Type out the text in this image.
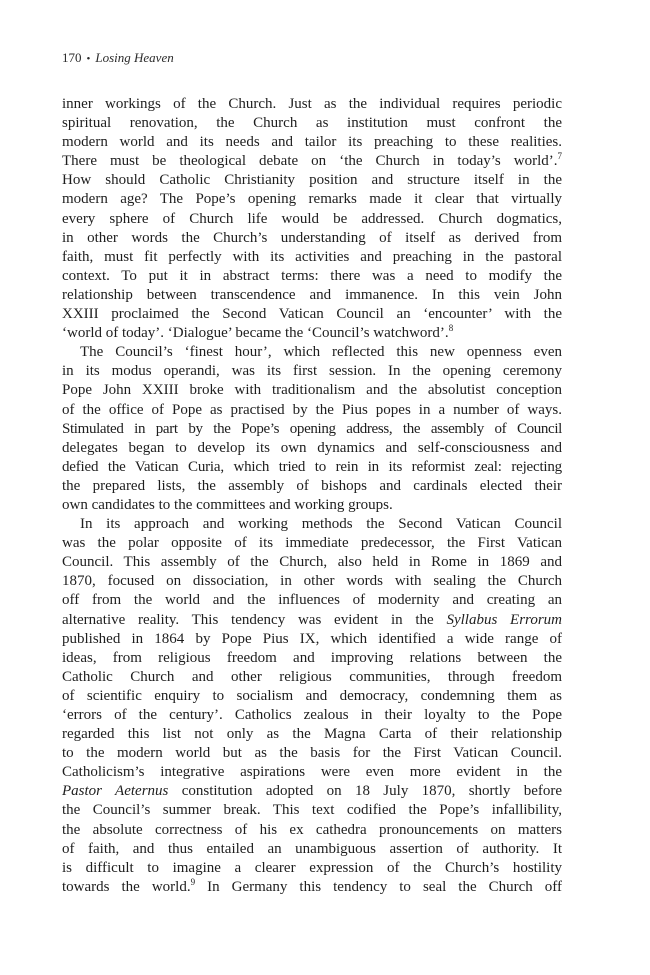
170 • Losing Heaven

inner workings of the Church. Just as the individual requires periodic
spiritual renovation, the Church as institution must confront the
modern world and its needs and tailor its preaching to these realities.
There must be theological debate on ‘the Church in today’s world’.$^7$
How should Catholic Christianity position and structure itself in the
modern age? The Pope’s opening remarks made it clear that virtually
every sphere of Church life would be addressed. Church dogmatics,
in other words the Church’s understanding of itself as derived from
faith, must fit perfectly with its activities and preaching in the pastoral
context. To put it in abstract terms: there was a need to modify the
relationship between transcendence and immanence. In this vein John
XXIII proclaimed the Second Vatican Council an ‘encounter’ with the
‘world of today’. ‘Dialogue’ became the ‘Council’s watchword’.$^8$

The Council’s ‘finest hour’, which reflected this new openness even
in its modus operandi, was its first session. In the opening ceremony
Pope John XXIII broke with traditionalism and the absolutist conception
of the office of Pope as practised by the Pius popes in a number of ways.
Stimulated in part by the Pope’s opening address, the assembly of Council
delegates began to develop its own dynamics and self-consciousness and
defied the Vatican Curia, which tried to rein in its reformist zeal: rejecting
the prepared lists, the assembly of bishops and cardinals elected their
own candidates to the committees and working groups.

In its approach and working methods the Second Vatican Council
was the polar opposite of its immediate predecessor, the First Vatican
Council. This assembly of the Church, also held in Rome in 1869 and
1870, focused on dissociation, in other words with sealing the Church
off from the world and the influences of modernity and creating an
alternative reality. This tendency was evident in the Syllabus Errorum
published in 1864 by Pope Pius IX, which identified a wide range of
ideas, from religious freedom and improving relations between the
Catholic Church and other religious communities, through freedom
of scientific enquiry to socialism and democracy, condemning them as
‘errors of the century’. Catholics zealous in their loyalty to the Pope
regarded this list not only as the Magna Carta of their relationship
to the modern world but as the basis for the First Vatican Council.
Catholicism’s integrative aspirations were even more evident in the
Pastor Aeternus constitution adopted on 18 July 1870, shortly before
the Council’s summer break. This text codified the Pope’s infallibility,
the absolute correctness of his ex cathedra pronouncements on matters
of faith, and thus entailed an unambiguous assertion of authority. It
is difficult to imagine a clearer expression of the Church’s hostility
towards the world.$^9$ In Germany this tendency to seal the Church off
